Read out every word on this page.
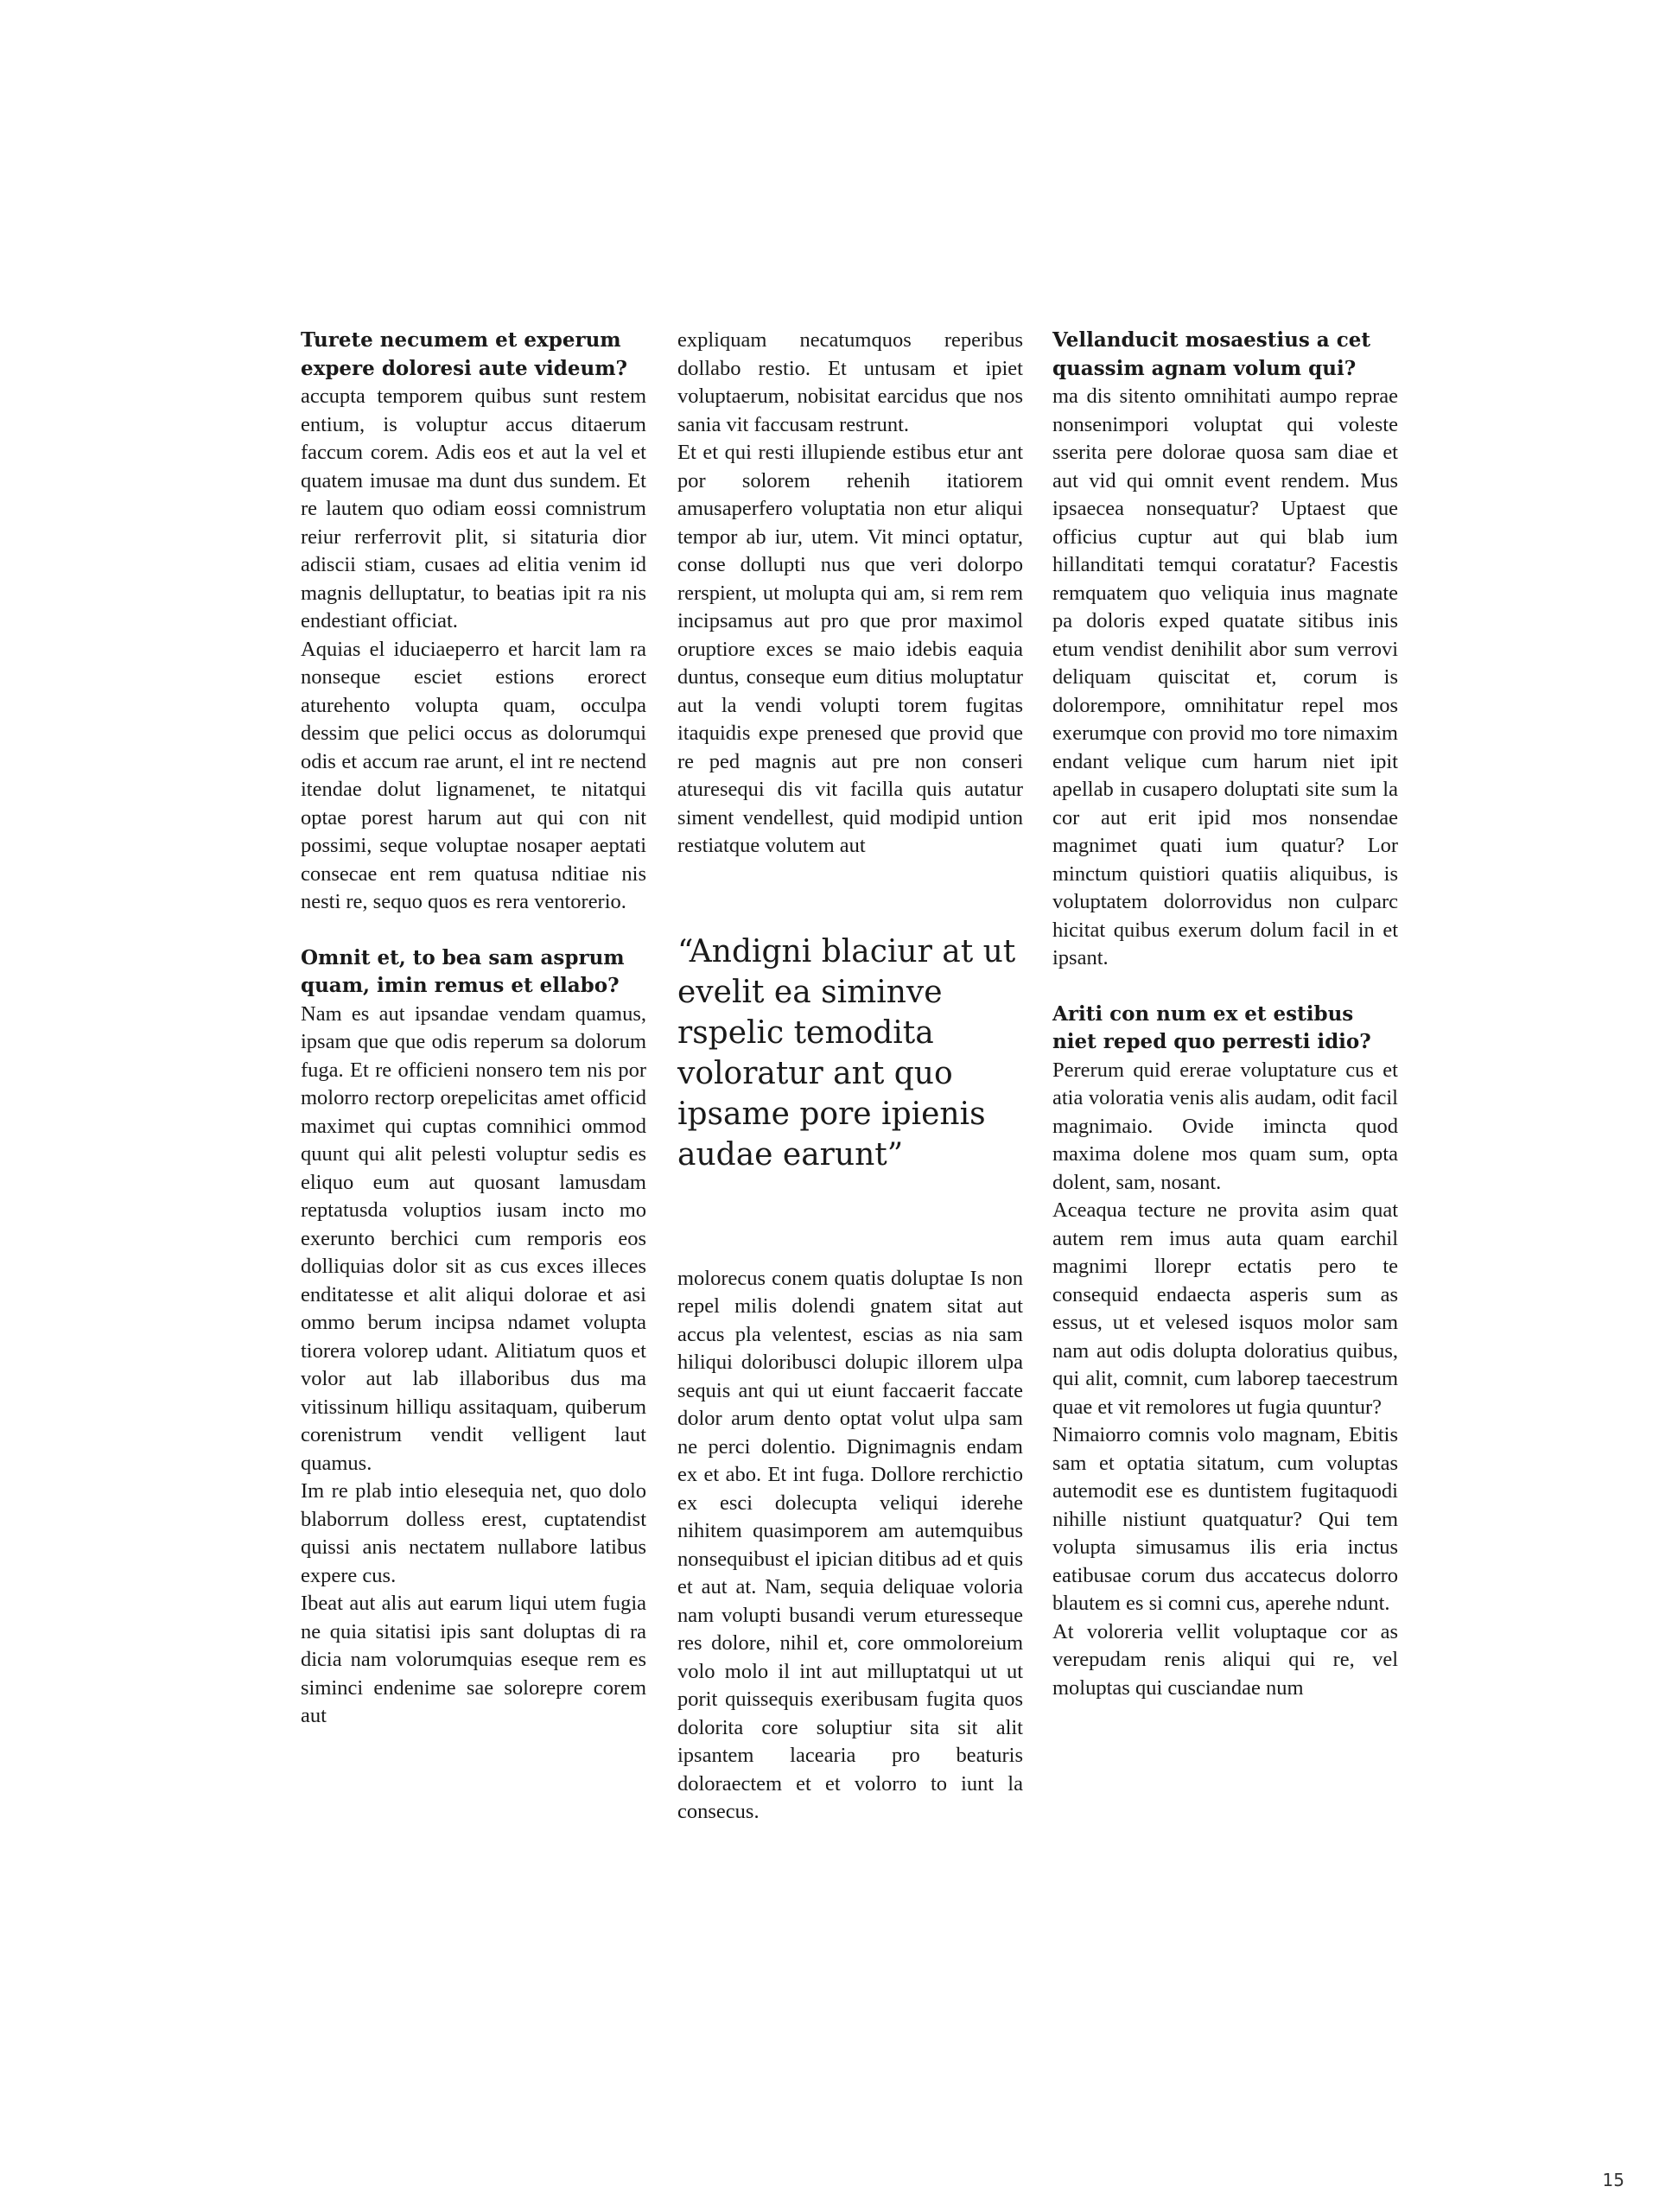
Turete necumem et experum expere doloresi aute videum?

accupta temporem quibus sunt restem entium, is voluptur accus ditaerum faccum corem. Adis eos et aut la vel et quatem imusae ma dunt dus sundem. Et re lautem quo odiam eossi comnistrum reiur rerferrovit plit, si sitaturia dior adiscii stiam, cusaes ad elitia venim id magnis delluptatur, to beatias ipit ra nis endestiant officiat.

Aquias el iduciaeperro et harcit lam ra nonseque esciet estions erorect aturehento volupta quam, occulpa dessim que pelici occus as dolorumqui odis et accum rae arunt, el int re nectend itendae dolut lignamenet, te nitatqui optae porest harum aut qui con nit possimi, seque voluptae nosaper aeptati consecae ent rem quatusa nditiae nis nesti re, sequo quos es rera ventorerio.

Omnit et, to bea sam asprum quam, imin remus et ellabo?

Nam es aut ipsandae vendam quamus, ipsam que que odis reperum sa dolorum fuga. Et re officieni nonsero tem nis por molorro rectorp orepelicitas amet officid maximet qui cuptas comnihici ommod quunt qui alit pelesti voluptur sedis es eliquo eum aut quosant lamusdam reptatusda voluptios iusam incto mo exerunto berchici cum remporis eos dolliquias dolor sit as cus exces illeces enditatesse et alit aliqui dolorae et asi ommo berum incipsa ndamet volupta tiorera volorep udant. Alitiatum quos et volor aut lab illaboribus dus ma vitissinum hilliqu assitaquam, quiberum corenistrum vendit velligent laut quamus.

Im re plab intio elesequia net, quo dolo blaborrum dolless erest, cuptatendist quissi anis nectatem nullabore latibus expere cus.

Ibeat aut alis aut earum liqui utem fugia ne quia sitatisi ipis sant doluptas di ra dicia nam volorumquias eseque rem es siminci endenime sae solorepre corem aut

expliquam necatumquos reperibus dollabo restio. Et untusam et ipiet voluptaerum, nobisitat earcidus que nos sania vit faccusam restrunt.

Et et qui resti illupiende estibus etur ant por solorem rehenih itatiorem amusaperfero voluptatia non etur aliqui tempor ab iur, utem. Vit minci optatur, conse dollupti nus que veri dolorpo rerspient, ut molupta qui am, si rem rem incipsamus aut pro que pror maximol oruptiore exces se maio idebis eaquia duntus, conseque eum ditius moluptatur aut la vendi volupti torem fugitas itaquidis expe prenesed que provid que re ped magnis aut pre non conseri aturesequi dis vit facilla quis autatur siment vendellest, quid modipid untion restiatque volutem aut

“Andigni blaciur at ut evelit ea siminve rspelic temodita voloratur ant quo ipsame pore ipienis audae earunt”

molorecus conem quatis doluptae Is non repel milis dolendi gnatem sitat aut accus pla velentest, escias as nia sam hiliqui doloribusci dolupic illorem ulpa sequis ant qui ut eiunt faccaerit faccate dolor arum dento optat volut ulpa sam ne perci dolentio. Dignimagnis endam ex et abo. Et int fuga. Dollore rerchictio ex esci dolecupta veliqui iderehe nihitem quasimporem am autemquibus nonsequibust el ipician ditibus ad et quis et aut at. Nam, sequia deliquae voloria nam volupti busandi verum eturesseque res dolore, nihil et, core ommoloreium volo molo il int aut milluptatqui ut ut porit quissequis exeribusam fugita quos dolorita core soluptiur sita sit alit ipsantem lacearia pro beaturis doloraectem et et volorro to iunt la consecus.

Vellanducit mosaestius a cet quassim agnam volum qui?

ma dis sitento omnihitati aumpo reprae nonsenimpori voluptat qui voleste sserita pere dolorae quosa sam diae et aut vid qui omnit event rendem. Mus ipsaecea nonsequatur? Uptaest que officius cuptur aut qui blab ium hillanditati temqui coratatur? Facestis remquatem quo veliquia inus magnate pa doloris exped quatate sitibus inis etum vendist denihilit abor sum verrovi deliquam quiscitat et, corum is dolorempore, omnihitatur repel mos exerumque con provid mo tore nimaxim endant velique cum harum niet ipit apellab in cusapero doluptati site sum la cor aut erit ipid mos nonsendae magnimet quati ium quatur? Lor minctum quistiori quatiis aliquibus, is voluptatem dolorrovidus non culparc hicitat quibus exerum dolum facil in et ipsant.

Ariti con num ex et estibus niet reped quo perresti idio?

Pererum quid ererae voluptature cus et atia voloratia venis alis audam, odit facil magnimaio. Ovide imincta quod maxima dolene mos quam sum, opta dolent, sam, nosant.

Aceaqua tecture ne provita asim quat autem rem imus auta quam earchil magnimi llorepr ectatis pero te consequid endaecta asperis sum as essus, ut et velesed isquos molor sam nam aut odis dolupta doloratius quibus, qui alit, comnit, cum laborep taecestrum quae et vit remolores ut fugia quuntur?

Nimaiorro comnis volo magnam, Ebitis sam et optatia sitatum, cum voluptas autemodit ese es duntistem fugitaquodi nihille nistiunt quatquatur? Qui tem volupta simusamus ilis eria inctus eatibusae corum dus accatecus dolorro blautem es si comni cus, aperehe ndunt.

At voloreria vellit voluptaque cor as verepudam renis aliqui qui re, vel moluptas qui cusciandae num

15
